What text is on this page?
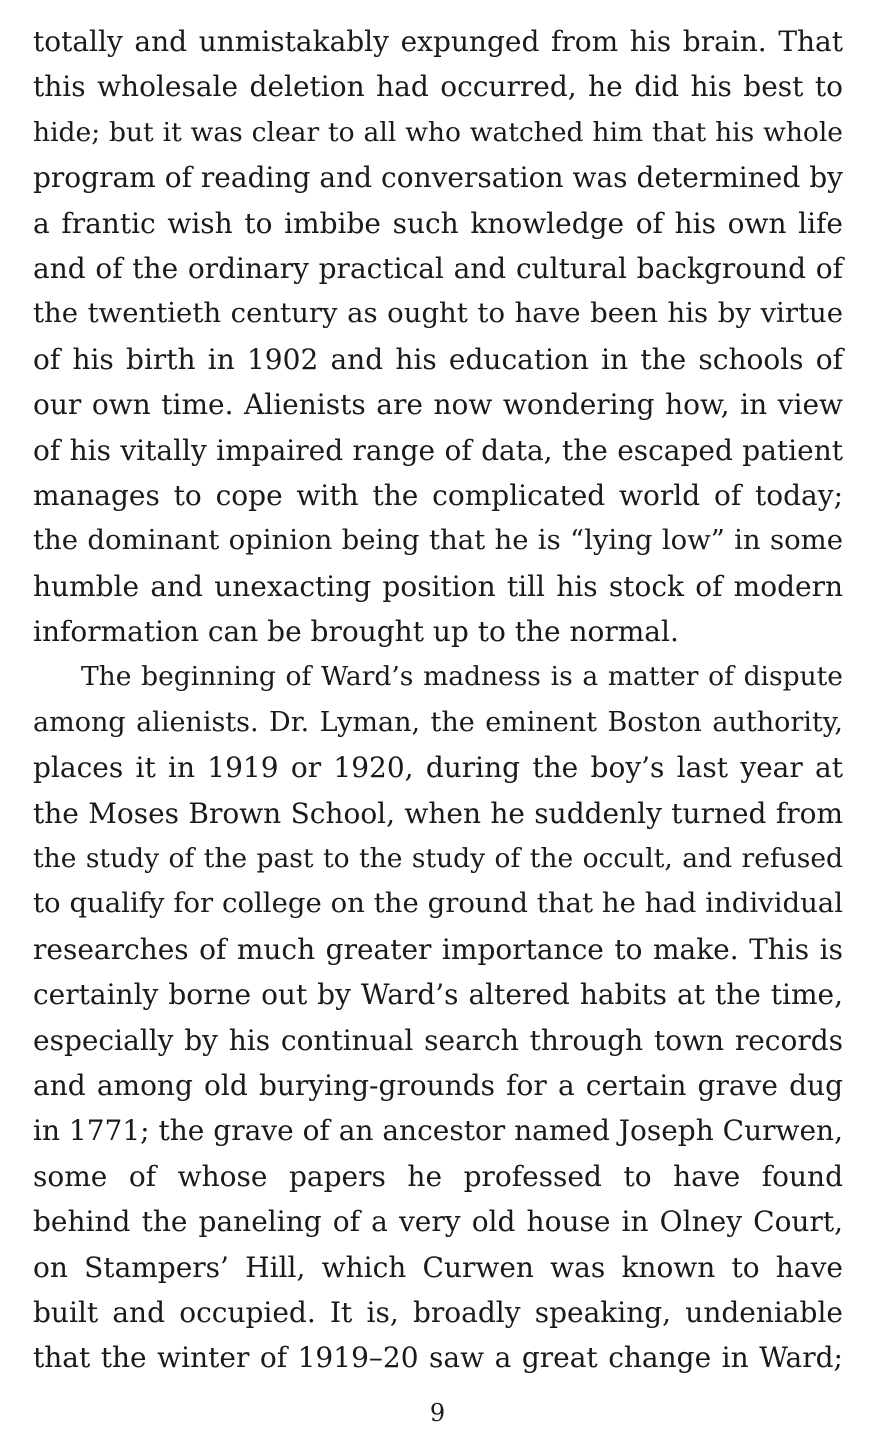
totally and unmistakably expunged from his brain. That
this wholesale deletion had occurred, he did his best to
hide; but it was clear to all who watched him that his whole
program of reading and conversation was determined by
a frantic wish to imbibe such knowledge of his own life
and of the ordinary practical and cultural background of
the twentieth century as ought to have been his by virtue
of his birth in 1902 and his education in the schools of
our own time. Alienists are now wondering how, in view
of his vitally impaired range of data, the escaped patient
manages to cope with the complicated world of today;
the dominant opinion being that he is “lying low” in some
humble and unexacting position till his stock of modern
information can be brought up to the normal.
The beginning of Ward’s madness is a matter of dispute
among alienists. Dr. Lyman, the eminent Boston authority,
places it in 1919 or 1920, during the boy’s last year at
the Moses Brown School, when he suddenly turned from
the study of the past to the study of the occult, and refused
to qualify for college on the ground that he had individual
researches of much greater importance to make. This is
certainly borne out by Ward’s altered habits at the time,
especially by his continual search through town records
and among old burying-grounds for a certain grave dug
in 1771; the grave of an ancestor named Joseph Curwen,
some of whose papers he professed to have found
behind the paneling of a very old house in Olney Court,
on Stampers’ Hill, which Curwen was known to have
built and occupied. It is, broadly speaking, undeniable
that the winter of 1919–20 saw a great change in Ward;
9
